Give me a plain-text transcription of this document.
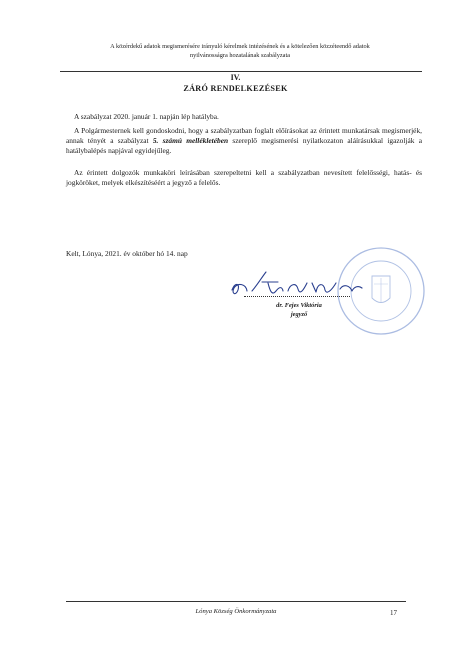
A közérdekű adatok megismerésére irányuló kérelmek intézésének és a kötelezően közzéteendő adatok
nyilvánosságra hozatalának szabályzata
IV.
ZÁRÓ RENDELKEZÉSEK
A szabályzat 2020. január 1. napján lép hatályba.
A Polgármesternek kell gondoskodni, hogy a szabályzatban foglalt előírásokat az érintett munkatársak megismerjék, annak tényét a szabályzat 5. számú mellékletében szereplő megismerési nyilatkozaton aláírásukkal igazolják a hatálybalépés napjával egyidejűleg.
Az érintett dolgozók munkaköri leírásában szerepeltetni kell a szabályzatban nevesített felelősségi, hatás- és jogköröket, melyek elkészítéséért a jegyző a felelős.
Kelt, Lónya, 2021. év október hó 14. nap
dr. Fejes Viktória
jegyző
Lónya Község Önkormányzata	17
